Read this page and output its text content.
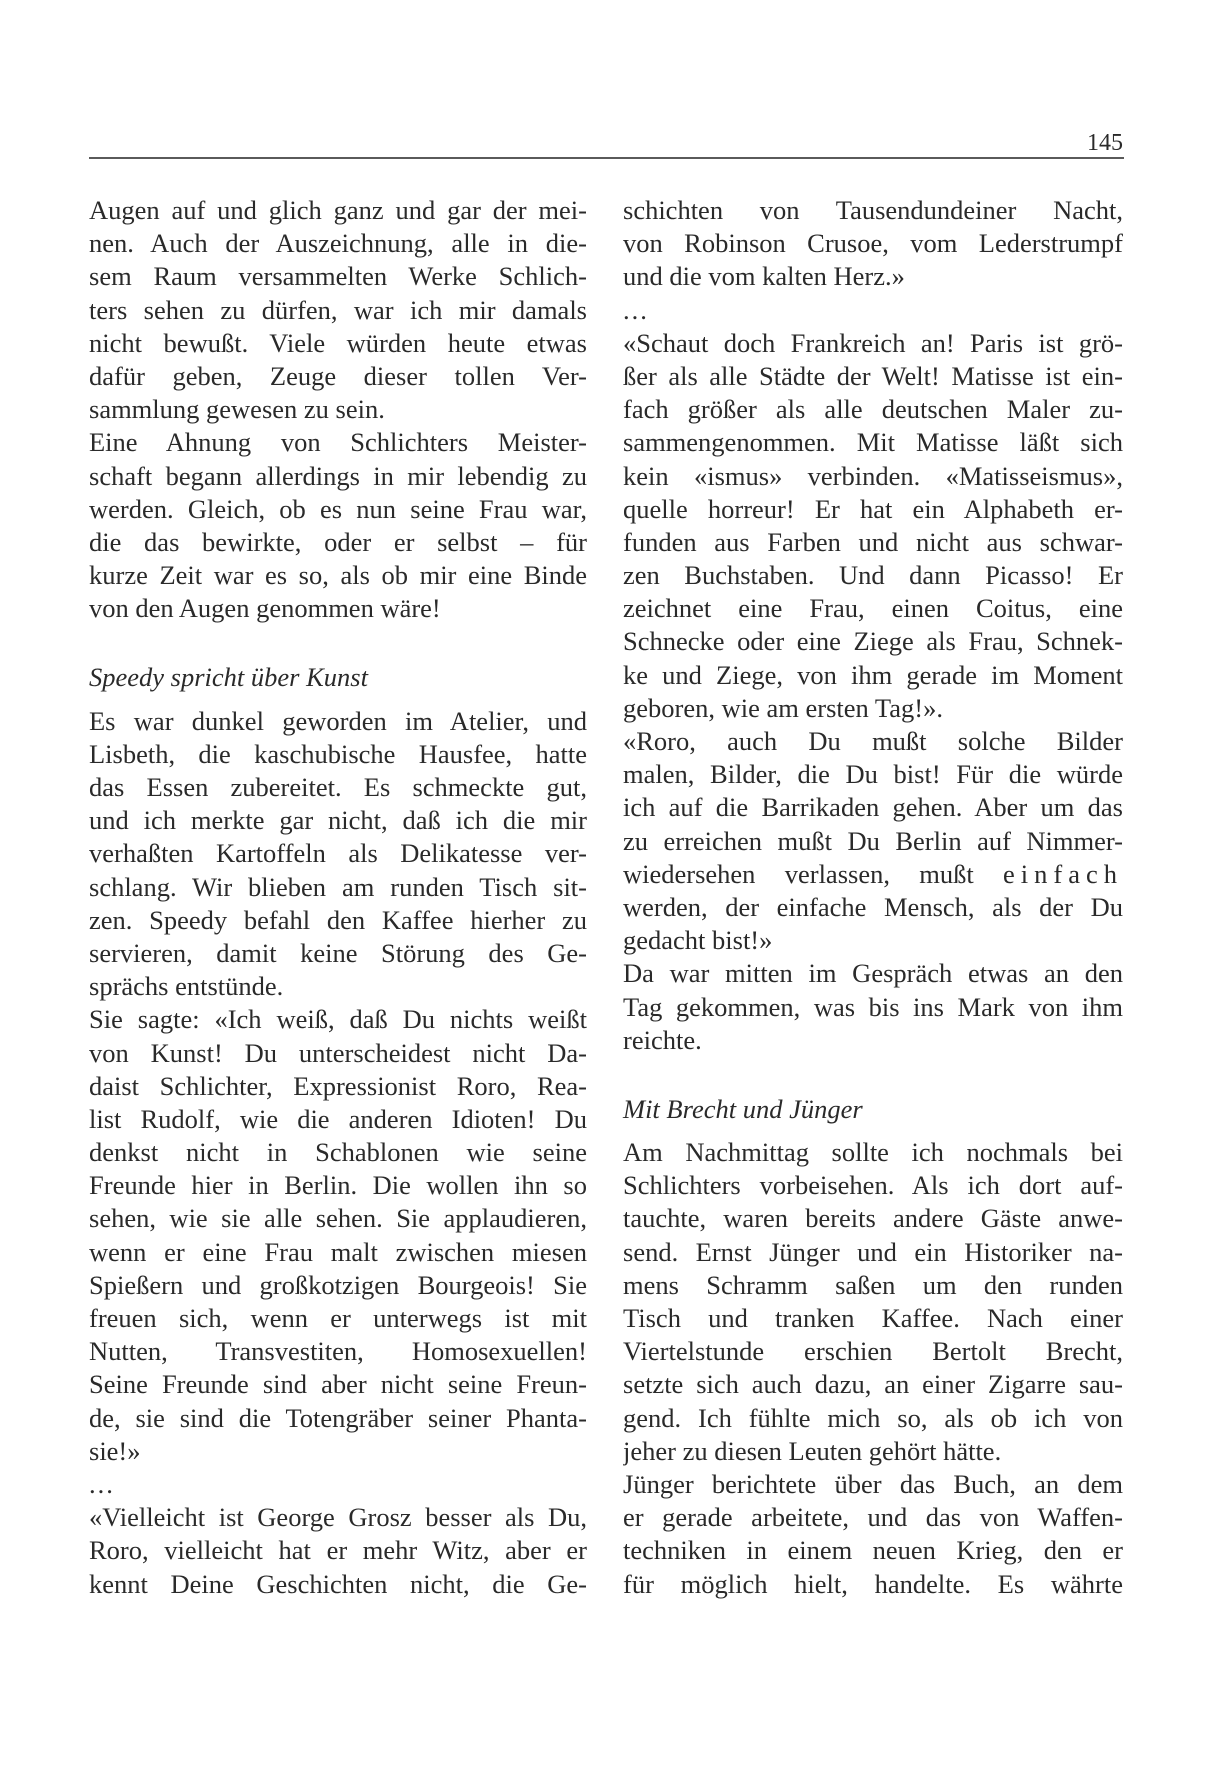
145
Augen auf und glich ganz und gar der mei-
nen. Auch der Auszeichnung, alle in die-
sem Raum versammelten Werke Schlich-
ters sehen zu dürfen, war ich mir damals
nicht bewußt. Viele würden heute etwas
dafür geben, Zeuge dieser tollen Ver-
sammlung gewesen zu sein.
Eine Ahnung von Schlichters Meister-
schaft begann allerdings in mir lebendig zu
werden. Gleich, ob es nun seine Frau war,
die das bewirkte, oder er selbst – für
kurze Zeit war es so, als ob mir eine Binde
von den Augen genommen wäre!
Speedy spricht über Kunst
Es war dunkel geworden im Atelier, und
Lisbeth, die kaschubische Hausfee, hatte
das Essen zubereitet. Es schmeckte gut,
und ich merkte gar nicht, daß ich die mir
verhaßten Kartoffeln als Delikatesse ver-
schlang. Wir blieben am runden Tisch sit-
zen. Speedy befahl den Kaffee hierher zu
servieren, damit keine Störung des Ge-
sprächs entstünde.
Sie sagte: «Ich weiß, daß Du nichts weißt
von Kunst! Du unterscheidest nicht Da-
daist Schlichter, Expressionist Roro, Rea-
list Rudolf, wie die anderen Idioten! Du
denkst nicht in Schablonen wie seine
Freunde hier in Berlin. Die wollen ihn so
sehen, wie sie alle sehen. Sie applaudieren,
wenn er eine Frau malt zwischen miesen
Spießern und großkotzigen Bourgeois! Sie
freuen sich, wenn er unterwegs ist mit
Nutten, Transvestiten, Homosexuellen!
Seine Freunde sind aber nicht seine Freun-
de, sie sind die Totengräber seiner Phanta-
sie!»
...
«Vielleicht ist George Grosz besser als Du,
Roro, vielleicht hat er mehr Witz, aber er
kennt Deine Geschichten nicht, die Ge-
schichten von Tausendundeiner Nacht,
von Robinson Crusoe, vom Lederstrumpf
und die vom kalten Herz.»
...
«Schaut doch Frankreich an! Paris ist grö-
ßer als alle Städte der Welt! Matisse ist ein-
fach größer als alle deutschen Maler zu-
sammengenommen. Mit Matisse läßt sich
kein «ismus» verbinden. «Matisseismus»,
quelle horreur! Er hat ein Alphabeth er-
funden aus Farben und nicht aus schwar-
zen Buchstaben. Und dann Picasso! Er
zeichnet eine Frau, einen Coitus, eine
Schnecke oder eine Ziege als Frau, Schnek-
ke und Ziege, von ihm gerade im Moment
geboren, wie am ersten Tag!».
«Roro, auch Du mußt solche Bilder
malen, Bilder, die Du bist! Für die würde
ich auf die Barrikaden gehen. Aber um das
zu erreichen mußt Du Berlin auf Nimmer-
wiedersehen verlassen, mußt einfach
werden, der einfache Mensch, als der Du
gedacht bist!»
Da war mitten im Gespräch etwas an den
Tag gekommen, was bis ins Mark von ihm
reichte.
Mit Brecht und Jünger
Am Nachmittag sollte ich nochmals bei
Schlichters vorbeisehen. Als ich dort auf-
tauchte, waren bereits andere Gäste anwe-
send. Ernst Jünger und ein Historiker na-
mens Schramm saßen um den runden
Tisch und tranken Kaffee. Nach einer
Viertelstunde erschien Bertolt Brecht,
setzte sich auch dazu, an einer Zigarre sau-
gend. Ich fühlte mich so, als ob ich von
jeher zu diesen Leuten gehört hätte.
Jünger berichtete über das Buch, an dem
er gerade arbeitete, und das von Waffen-
techniken in einem neuen Krieg, den er
für möglich hielt, handelte. Es währte
